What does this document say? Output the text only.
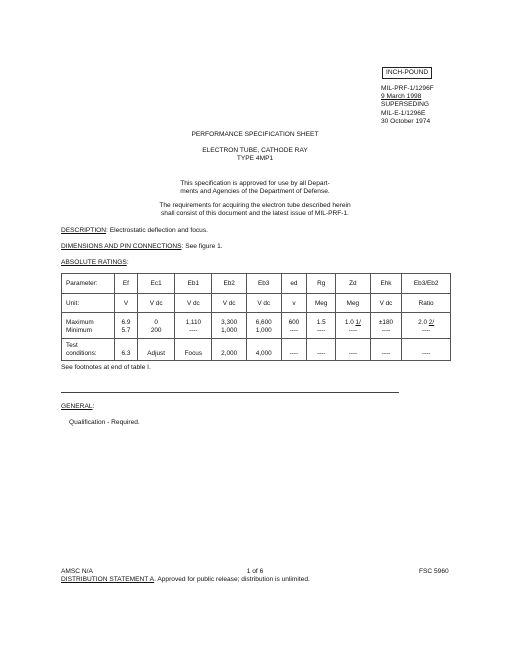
INCH-POUND
MIL-PRF-1/1296F
9 March 1998
SUPERSEDING
MIL-E-1/1296E
30 October 1974
PERFORMANCE SPECIFICATION SHEET
ELECTRON TUBE, CATHODE RAY
TYPE 4MP1
This specification is approved for use by all Depart-
ments and Agencies of the Department of Defense.
The requirements for acquiring the electron tube described herein
shall consist of this document and the latest issue of MIL-PRF-1.
DESCRIPTION: Electrostatic deflection and focus.
DIMENSIONS AND PIN CONNECTIONS: See figure 1.
ABSOLUTE RATINGS:
Parameter:	Ef	Ec1	Eb1	Eb2	Eb3	ed	Rg	Zd	Ehk	Eb3/Eb2
Unit:	V	V dc	V dc	V dc	V dc	v	Meg	Meg	V dc	Ratio
Maximum	6.9	0	1,110	3,300	6,600	600	1.5	1.0 1/	±180	2.0 2/
Minimum	5.7	200	----	1,000	1,000	----	----	----	----	----
Test										
conditions:	6.3	Adjust	Focus	2,000	4,000	----	----	----	----	----
See footnotes at end of table I.
GENERAL:
Qualification - Required.
AMSC N/A	1 of 6	FSC 5960
DISTRIBUTION STATEMENT A. Approved for public release; distribution is unlimited.
